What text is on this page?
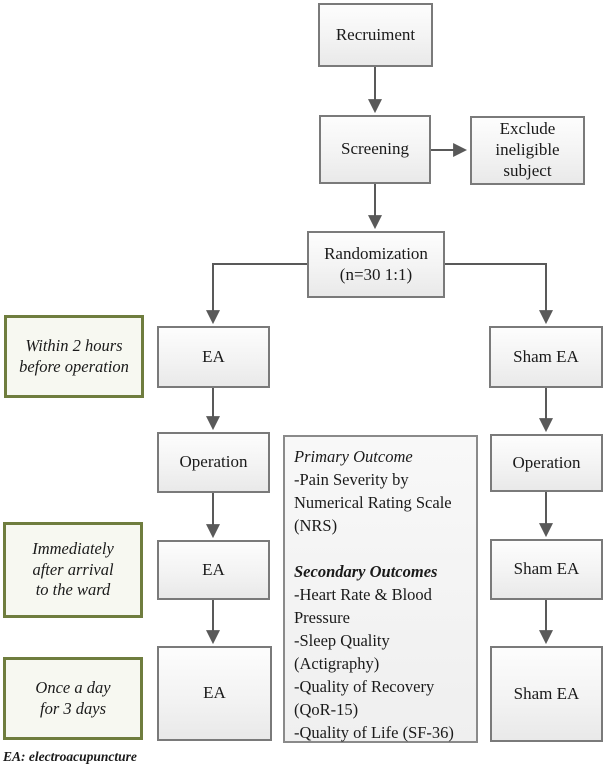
Recruiment
Screening
Exclude ineligible subject
Randomization
(n=30 1:1)
EA
Operation
EA
EA
Sham EA
Operation
Sham EA
Sham EA
Within 2 hours
before operation
Immediately
after arrival
to the ward
Once a day
for 3 days
Primary Outcome
-Pain Severity by Numerical Rating Scale (NRS)
Secondary Outcomes
-Heart Rate & Blood Pressure
-Sleep Quality (Actigraphy)
-Quality of Recovery (QoR-15)
-Quality of Life (SF-36)
EA: electroacupuncture
